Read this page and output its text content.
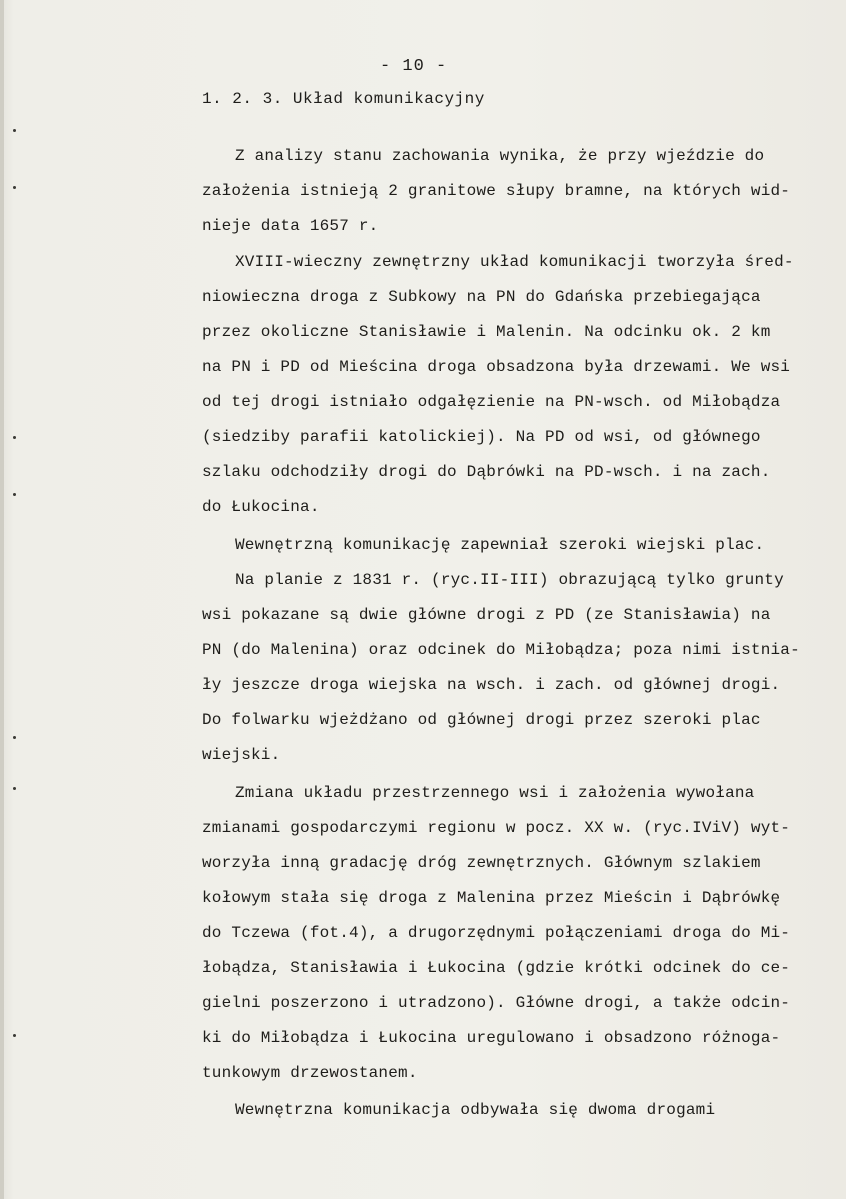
- 10 -
1. 2. 3. Układ komunikacyjny
Z analizy stanu zachowania wynika, że przy wjeździe do
założenia istnieją 2 granitowe słupy bramne, na których wid-
nieje data 1657 r.
XVIII-wieczny zewnętrzny układ komunikacji tworzyła śred-
niowieczna droga z Subkowy na PN do Gdańska przebiegająca
przez okoliczne Stanisławie i Malenin. Na odcinku ok. 2 km
na PN i PD od Mieścina droga obsadzona była drzewami. We wsi
od tej drogi istniało odgałęzienie na PN-wsch. od Miłobądza
(siedziby parafii katolickiej). Na PD od wsi, od głównego
szlaku odchodziły drogi do Dąbrówki na PD-wsch. i na zach.
do Łukocina.
Wewnętrzną komunikację zapewniał szeroki wiejski plac.
Na planie z 1831 r. (ryc.II-III) obrazującą tylko grunty
wsi pokazane są dwie główne drogi z PD (ze Stanisławia) na
PN (do Malenina) oraz odcinek do Miłobądza; poza nimi istnia-
ły jeszcze droga wiejska na wsch. i zach. od głównej drogi.
Do folwarku wjeżdżano od głównej drogi przez szeroki plac
wiejski.
Zmiana układu przestrzennego wsi i założenia wywołana
zmianami gospodarczymi regionu w pocz. XX w. (ryc.IViV) wyt-
worzyła inną gradację dróg zewnętrznych. Głównym szlakiem
kołowym stała się droga z Malenina przez Mieścin i Dąbrówkę
do Tczewa (fot.4), a drugorzędnymi połączeniami droga do Mi-
łobądza, Stanisławia i Łukocina (gdzie krótki odcinek do ce-
gielni poszerzono i utradzono). Główne drogi, a także odcin-
ki do Miłobądza i Łukocina uregulowano i obsadzono różnoga-
tunkowym drzewostanem.
Wewnętrzna komunikacja odbywała się dwoma drogami
